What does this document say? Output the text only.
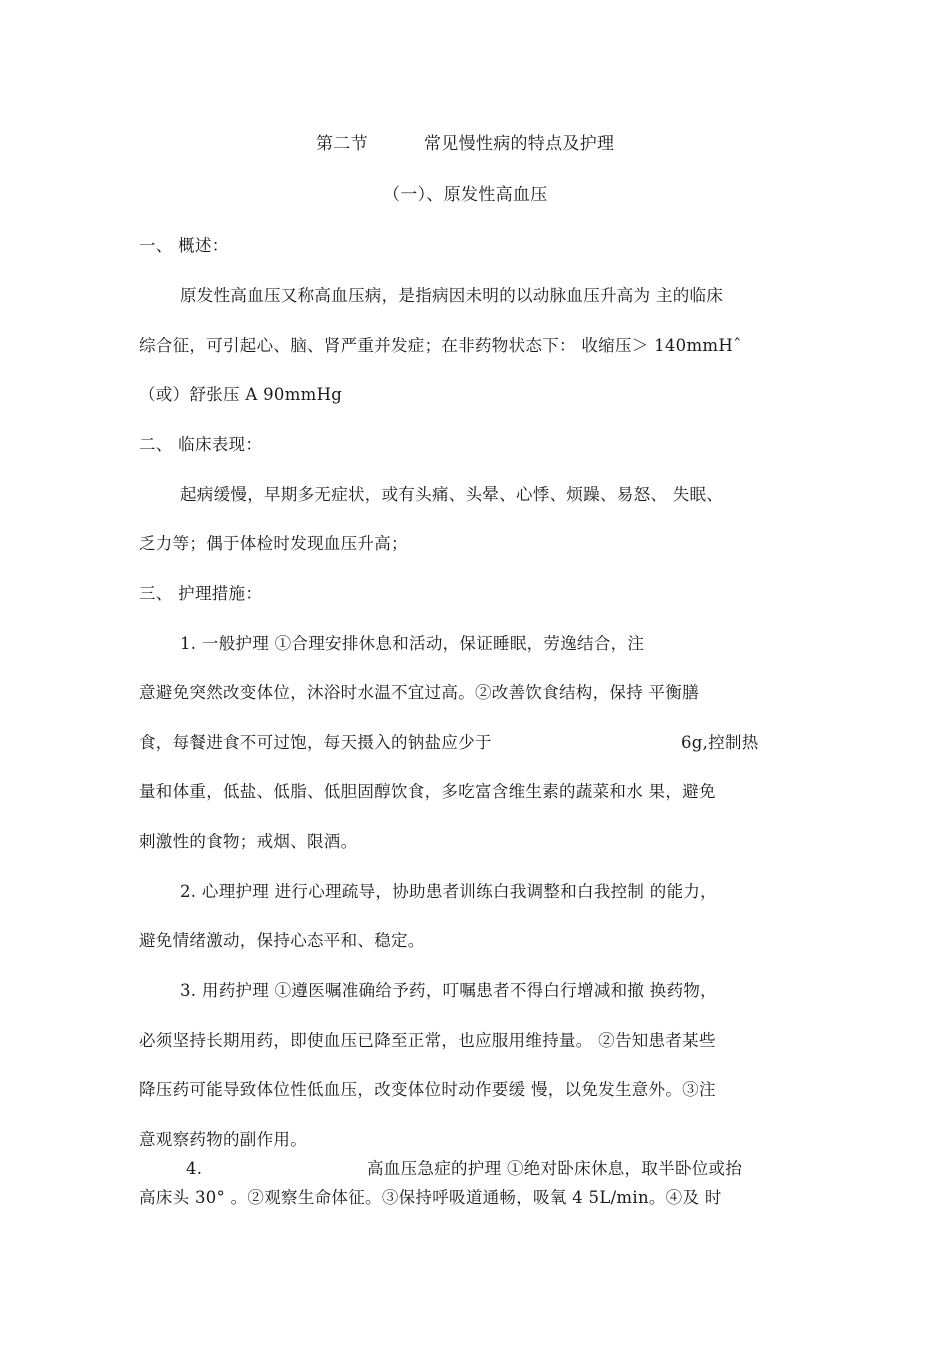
第二节	常见慢性病的特点及护理
（一）、原发性高血压
一、 概述：
原发性高血压又称高血压病，是指病因未明的以动脉血压升高为 主的临床
综合征，可引起心、脑、肾严重并发症；在非药物状态下： 收缩压＞ 140mmHˆ
（或）舒张压 A 90mmHg
二、 临床表现：
起病缓慢，早期多无症状，或有头痛、头晕、心悸、烦躁、易怒、 失眠、
乏力等；偶于体检时发现血压升高；
三、 护理措施：
1. 一般护理 ①合理安排休息和活动，保证睡眠，劳逸结合，注
意避免突然改变体位，沐浴时水温不宜过高。②改善饮食结构，保持 平衡膳
食，每餐进食不可过饱，每天摄入的钠盐应少于	6g,控制热
量和体重，低盐、低脂、低胆固醇饮食，多吃富含维生素的蔬菜和水 果，避免
刺激性的食物；戒烟、限酒。
2. 心理护理 进行心理疏导，协助患者训练白我调整和白我控制 的能力，
避免情绪激动，保持心态平和、稳定。
3. 用药护理 ①遵医嘱准确给予药，叮嘱患者不得白行增减和撤 换药物，
必须坚持长期用药，即使血压已降至正常，也应服用维持量。 ②告知患者某些
降压药可能导致体位性低血压，改变体位时动作要缓 慢，以免发生意外。③注
意观察药物的副作用。
4.	高血压急症的护理 ①绝对卧床休息，取半卧位或抬
高床头 30° 。②观察生命体征。③保持呼吸道通畅，吸氧 4 5L/min。④及 时
